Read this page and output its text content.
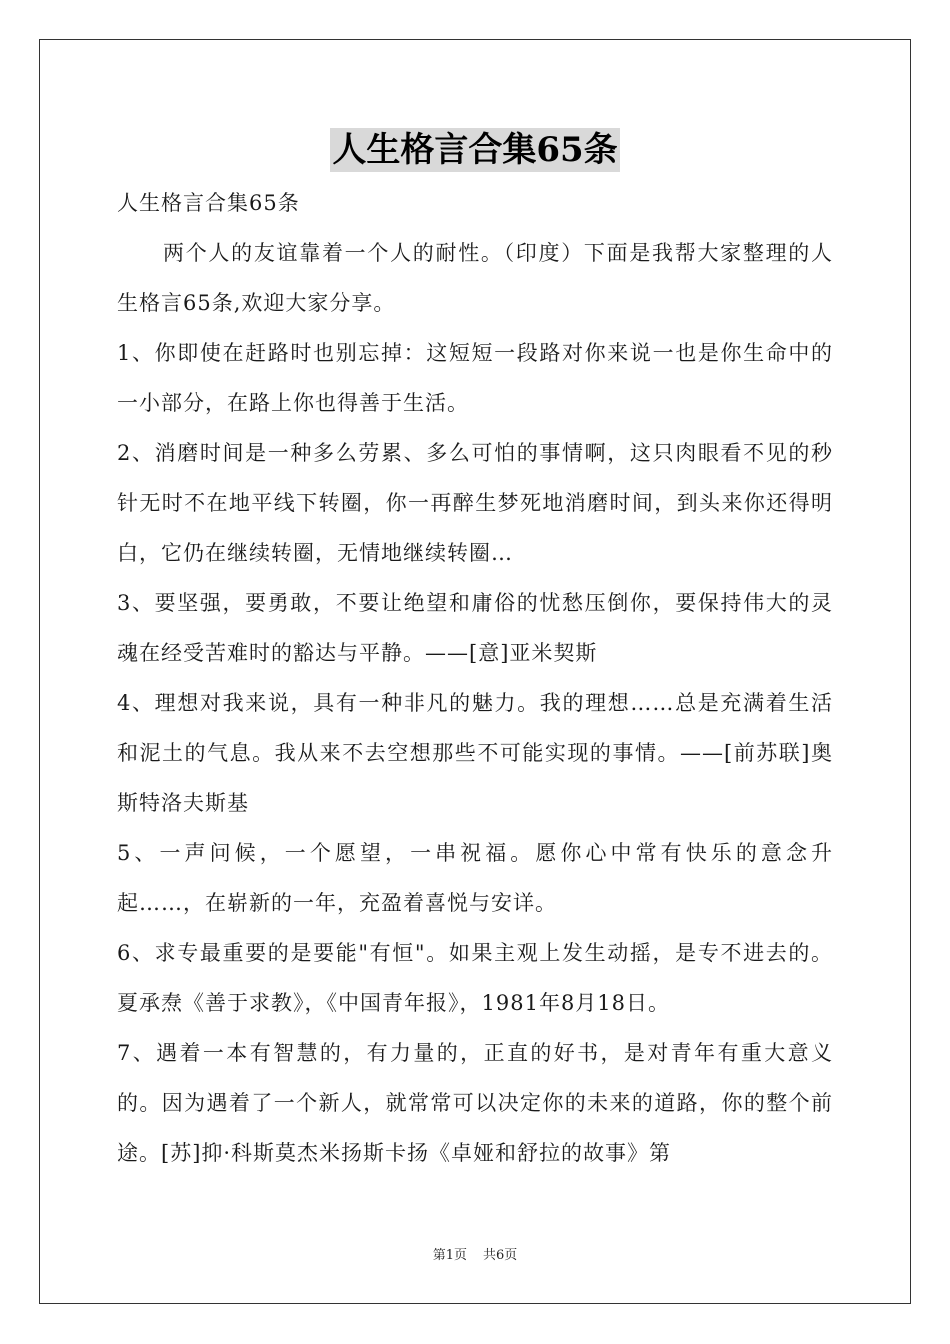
人生格言合集65条

人生格言合集65条

两个人的友谊靠着一个人的耐性。（印度）下面是我帮大家整理的人生格言65条,欢迎大家分享。

1、你即使在赶路时也别忘掉：这短短一段路对你来说一也是你生命中的一小部分，在路上你也得善于生活。

2、消磨时间是一种多么劳累、多么可怕的事情啊，这只肉眼看不见的秒针无时不在地平线下转圈，你一再醉生梦死地消磨时间，到头来你还得明白，它仍在继续转圈，无情地继续转圈…

3、要坚强，要勇敢，不要让绝望和庸俗的忧愁压倒你，要保持伟大的灵魂在经受苦难时的豁达与平静。——[意]亚米契斯

4、理想对我来说，具有一种非凡的魅力。我的理想……总是充满着生活和泥土的气息。我从来不去空想那些不可能实现的事情。——[前苏联]奥斯特洛夫斯基

5、一声问候，一个愿望，一串祝福。愿你心中常有快乐的意念升起……，在崭新的一年，充盈着喜悦与安详。

6、求专最重要的是要能"有恒"。如果主观上发生动摇，是专不进去的。夏承焘《善于求教》，《中国青年报》，1981年8月18日。

7、遇着一本有智慧的，有力量的，正直的好书，是对青年有重大意义的。因为遇着了一个新人，就常常可以决定你的未来的道路，你的整个前途。[苏]抑·科斯莫杰米扬斯卡扬《卓娅和舒拉的故事》第

第1页 共6页
